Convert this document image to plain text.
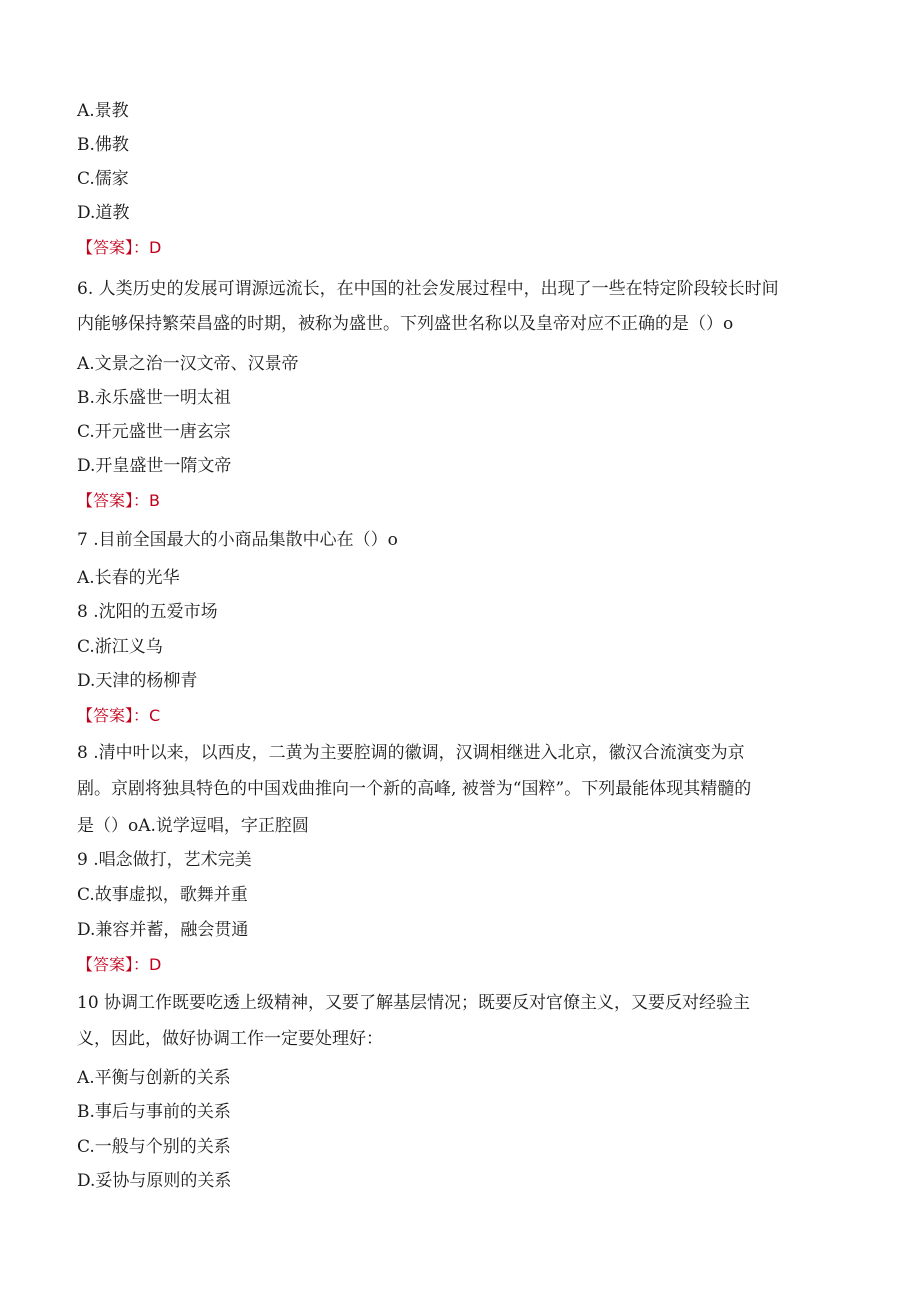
A.景教
B.佛教
C.儒家
D.道教
【答案】：D
6. 人类历史的发展可谓源远流长，在中国的社会发展过程中，出现了一些在特定阶段较长时间
内能够保持繁荣昌盛的时期，被称为盛世。下列盛世名称以及皇帝对应不正确的是（）o
A.文景之治一汉文帝、汉景帝
B.永乐盛世一明太祖
C.开元盛世一唐玄宗
D.开皇盛世一隋文帝
【答案】：B
7 .目前全国最大的小商品集散中心在（）o
A.长春的光华
8 .沈阳的五爱市场
C.浙江义乌
D.天津的杨柳青
【答案】：C
8 .清中叶以来，以西皮，二黄为主要腔调的徽调，汉调相继进入北京，徽汉合流演变为京
剧。京剧将独具特色的中国戏曲推向一个新的高峰, 被誉为“国粹”。下列最能体现其精髓的
是（）oA.说学逗唱，字正腔圆
9 .唱念做打，艺术完美
C.故事虚拟，歌舞并重
D.兼容并蓄，融会贯通
【答案】：D
10 协调工作既要吃透上级精神，又要了解基层情况；既要反对官僚主义，又要反对经验主
义，因此，做好协调工作一定要处理好：
A.平衡与创新的关系
B.事后与事前的关系
C.一般与个别的关系
D.妥协与原则的关系
